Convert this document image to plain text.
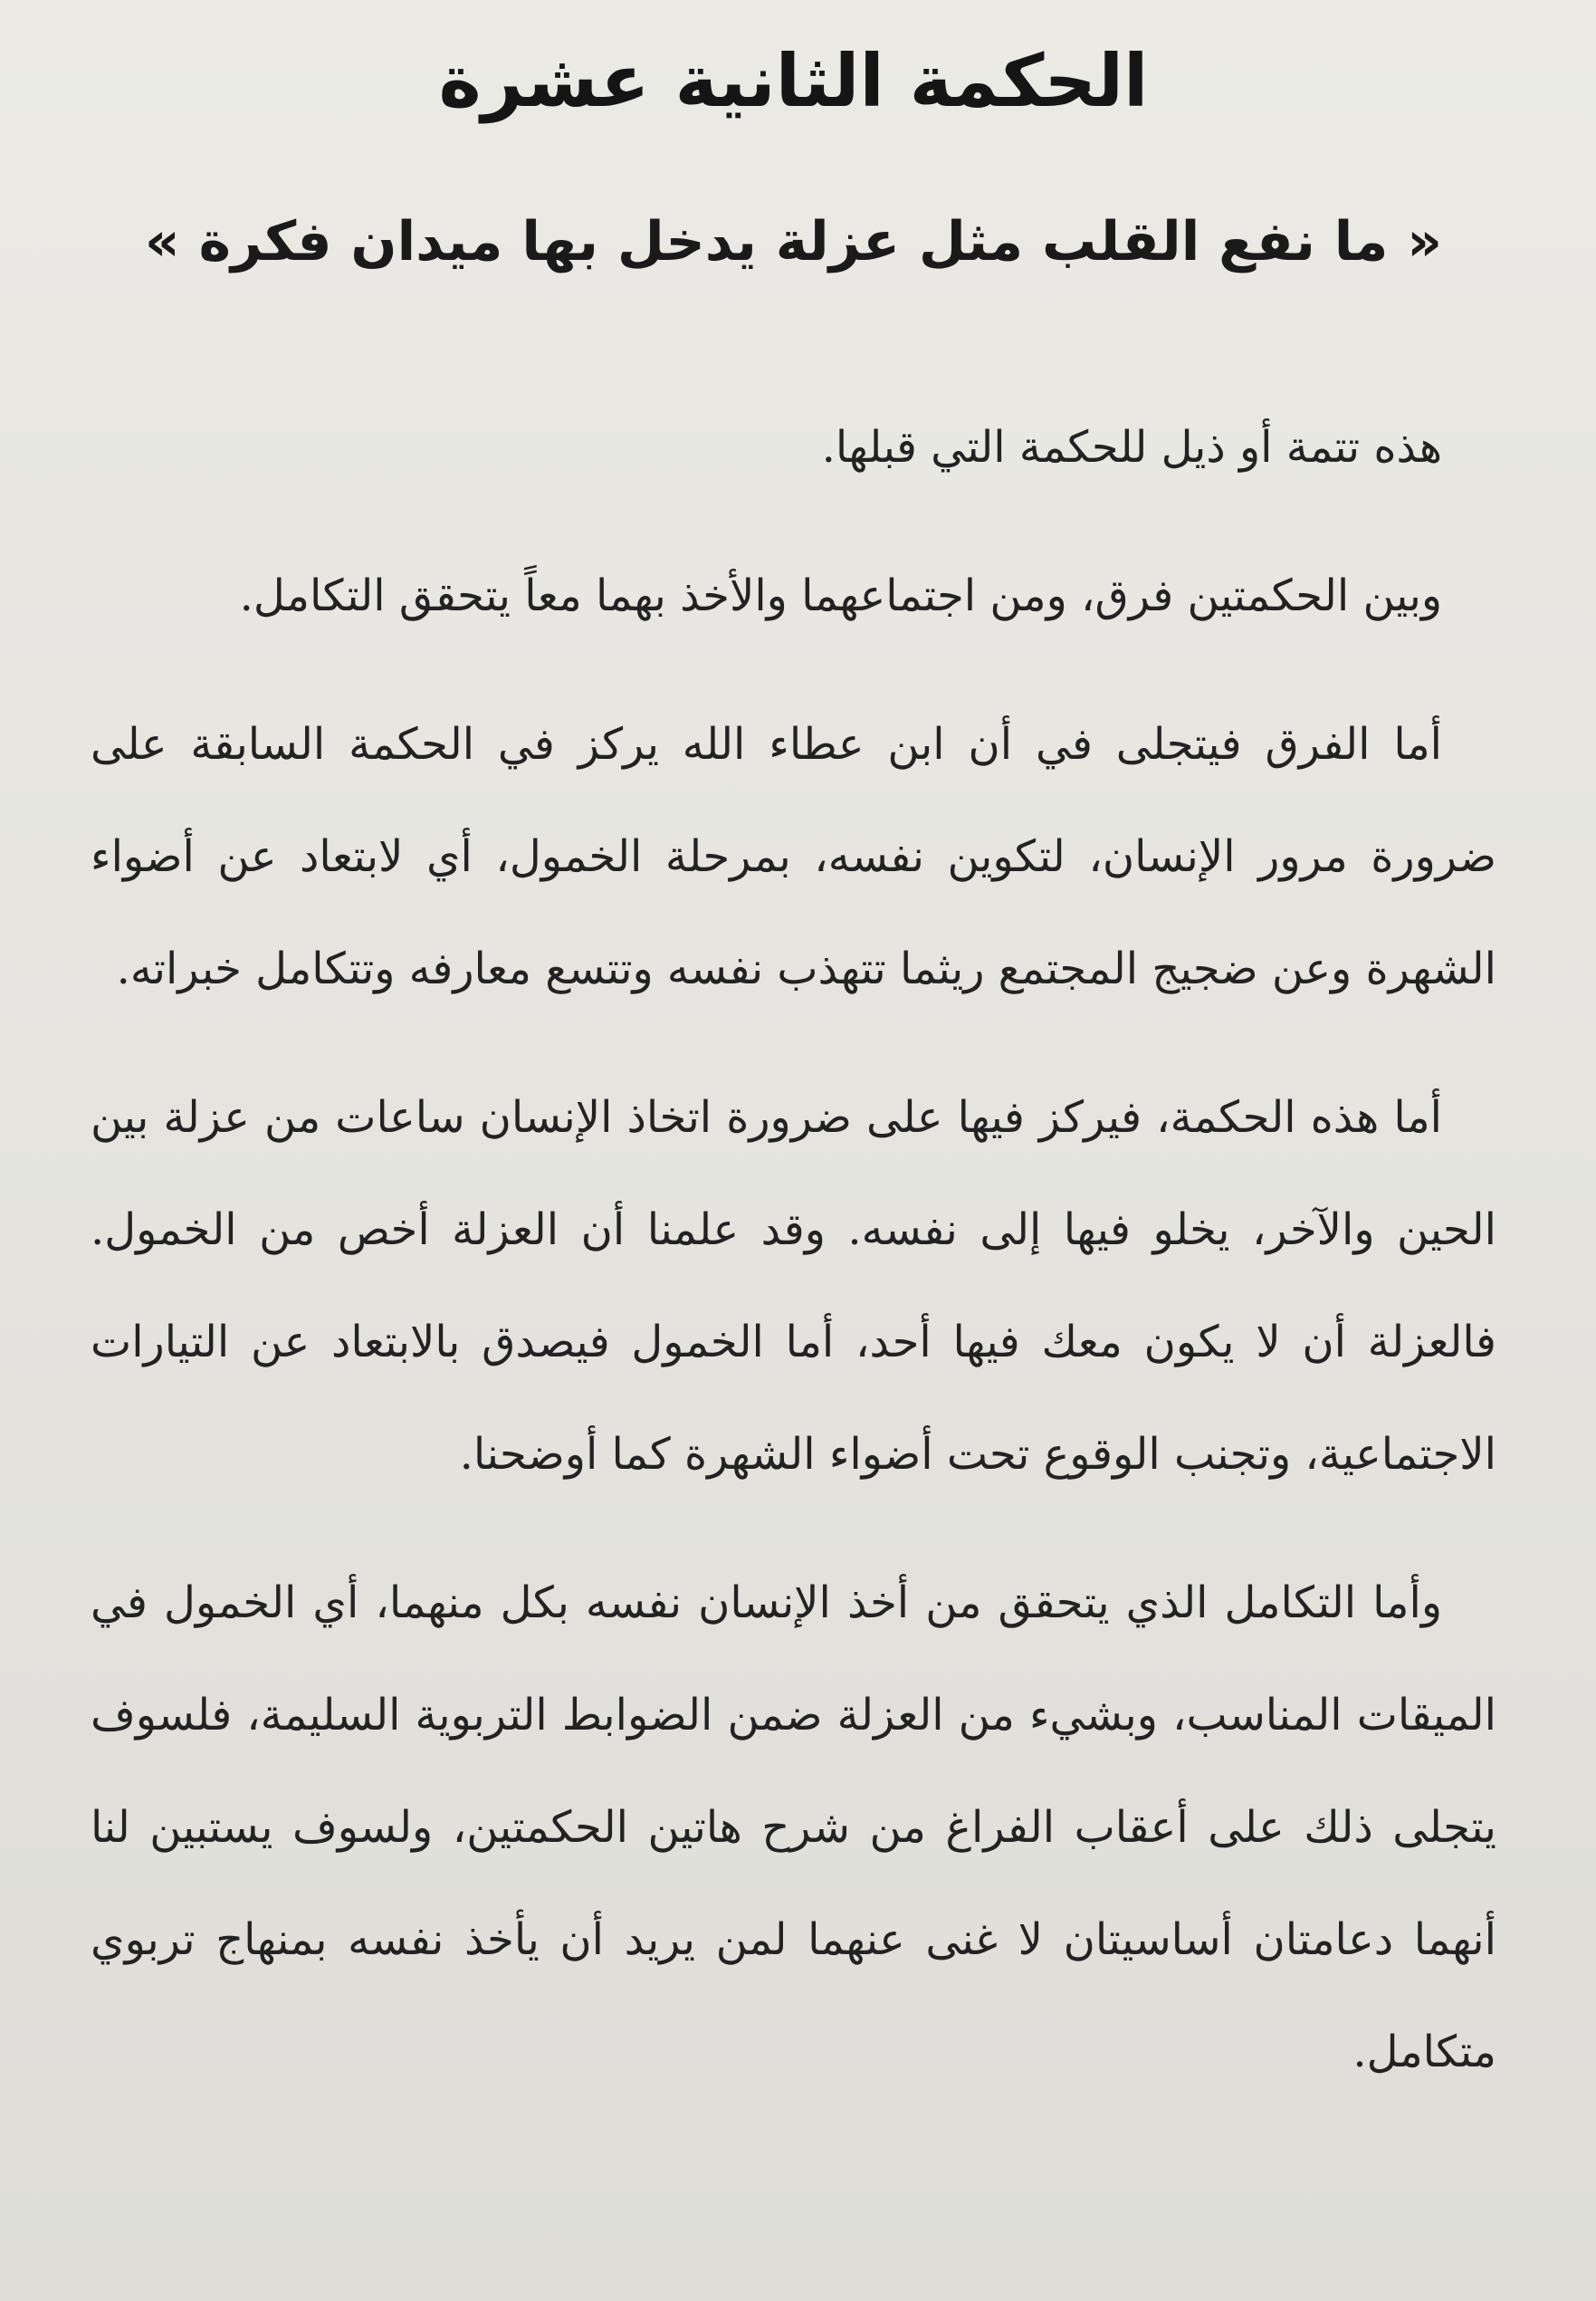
الحكمة الثانية عشرة
« ما نفع القلب مثل عزلة يدخل بها ميدان فكرة »

هذه تتمة أو ذيل للحكمة التي قبلها.

وبين الحكمتين فرق، ومن اجتماعهما والأخذ بهما معاً يتحقق التكامل.

أما الفرق فيتجلى في أن ابن عطاء الله يركز في الحكمة السابقة على ضرورة مرور الإنسان، لتكوين نفسه، بمرحلة الخمول، أي لابتعاد عن أضواء الشهرة وعن ضجيج المجتمع ريثما تتهذب نفسه وتتسع معارفه وتتكامل خبراته.

أما هذه الحكمة، فيركز فيها على ضرورة اتخاذ الإنسان ساعات من عزلة بين الحين والآخر، يخلو فيها إلى نفسه. وقد علمنا أن العزلة أخص من الخمول. فالعزلة أن لا يكون معك فيها أحد، أما الخمول فيصدق بالابتعاد عن التيارات الاجتماعية، وتجنب الوقوع تحت أضواء الشهرة كما أوضحنا.

وأما التكامل الذي يتحقق من أخذ الإنسان نفسه بكل منهما، أي الخمول في الميقات المناسب، وبشيء من العزلة ضمن الضوابط التربوية السليمة، فلسوف يتجلى ذلك على أعقاب الفراغ من شرح هاتين الحكمتين، ولسوف يستبين لنا أنهما دعامتان أساسيتان لا غنى عنهما لمن يريد أن يأخذ نفسه بمنهاج تربوي متكامل.
